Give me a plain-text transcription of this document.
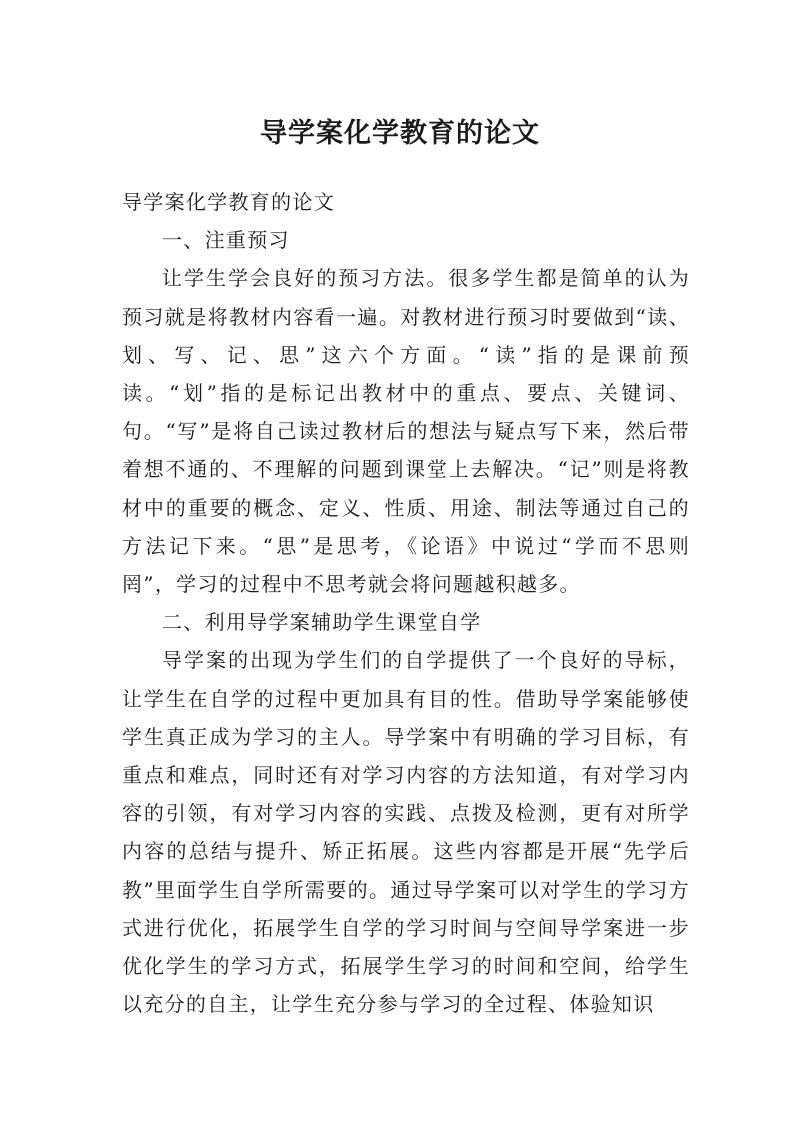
导学案化学教育的论文

导学案化学教育的论文

一、注重预习

让学生学会良好的预习方法。很多学生都是简单的认为预习就是将教材内容看一遍。对教材进行预习时要做到“读、划、写、记、思”这六个方面。“读”指的是课前预读。“划”指的是标记出教材中的重点、要点、关键词、句。“写”是将自己读过教材后的想法与疑点写下来，然后带着想不通的、不理解的问题到课堂上去解决。“记”则是将教材中的重要的概念、定义、性质、用途、制法等通过自己的方法记下来。“思”是思考，《论语》中说过“学而不思则罔”，学习的过程中不思考就会将问题越积越多。

二、利用导学案辅助学生课堂自学

导学案的出现为学生们的自学提供了一个良好的导标，让学生在自学的过程中更加具有目的性。借助导学案能够使学生真正成为学习的主人。导学案中有明确的学习目标，有重点和难点，同时还有对学习内容的方法知道，有对学习内容的引领，有对学习内容的实践、点拨及检测，更有对所学内容的总结与提升、矫正拓展。这些内容都是开展“先学后教”里面学生自学所需要的。通过导学案可以对学生的学习方式进行优化，拓展学生自学的学习时间与空间导学案进一步优化学生的学习方式，拓展学生学习的时间和空间，给学生以充分的自主，让学生充分参与学习的全过程、体验知识
